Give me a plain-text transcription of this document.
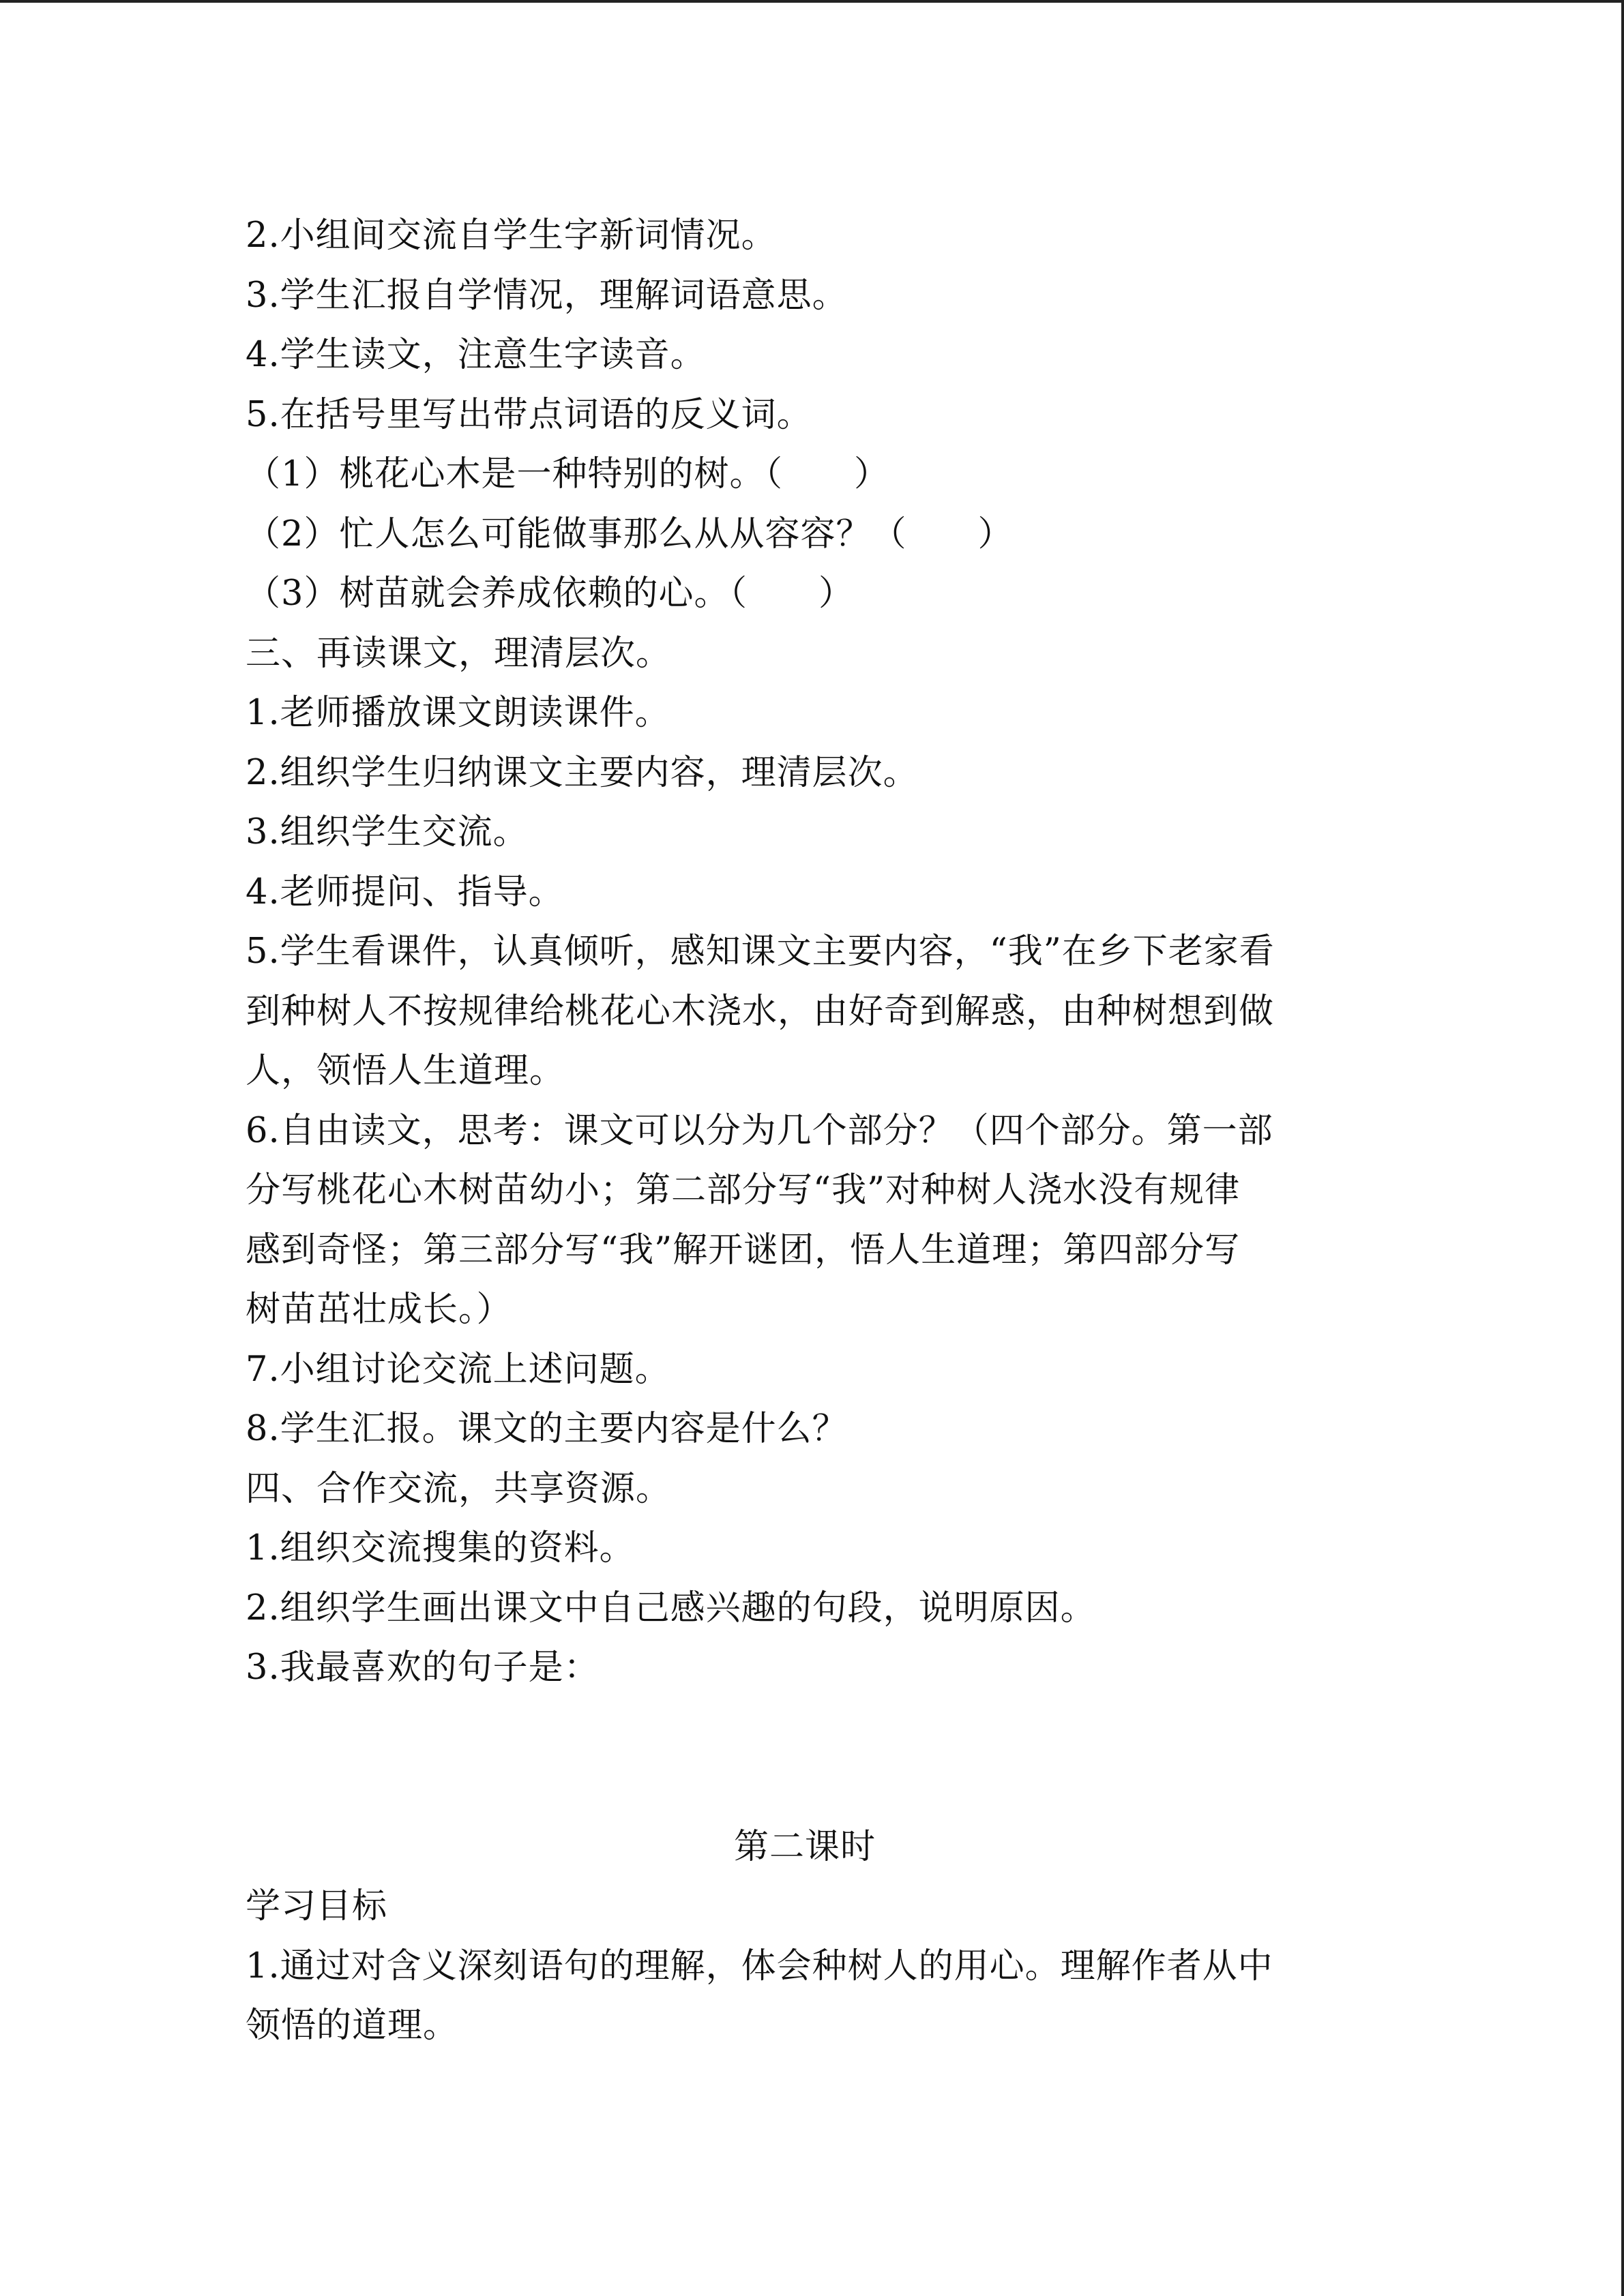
2.小组间交流自学生字新词情况。
3.学生汇报自学情况，理解词语意思。
4.学生读文，注意生字读音。
5.在括号里写出带点词语的反义词。
（1）桃花心木是一种特别的树。（　　）
（2）忙人怎么可能做事那么从从容容？（　　）
（3）树苗就会养成依赖的心。（　　）
三、再读课文，理清层次。
1.老师播放课文朗读课件。
2.组织学生归纳课文主要内容，理清层次。
3.组织学生交流。
4.老师提问、指导。
5.学生看课件，认真倾听，感知课文主要内容，“我”在乡下老家看
到种树人不按规律给桃花心木浇水，由好奇到解惑，由种树想到做
人，领悟人生道理。
6.自由读文，思考：课文可以分为几个部分？（四个部分。第一部
分写桃花心木树苗幼小；第二部分写“我”对种树人浇水没有规律
感到奇怪；第三部分写“我”解开谜团，悟人生道理；第四部分写
树苗茁壮成长。）
7.小组讨论交流上述问题。
8.学生汇报。课文的主要内容是什么？
四、合作交流，共享资源。
1.组织交流搜集的资料。
2.组织学生画出课文中自己感兴趣的句段，说明原因。
3.我最喜欢的句子是：
第二课时
学习目标
1.通过对含义深刻语句的理解，体会种树人的用心。理解作者从中
领悟的道理。
